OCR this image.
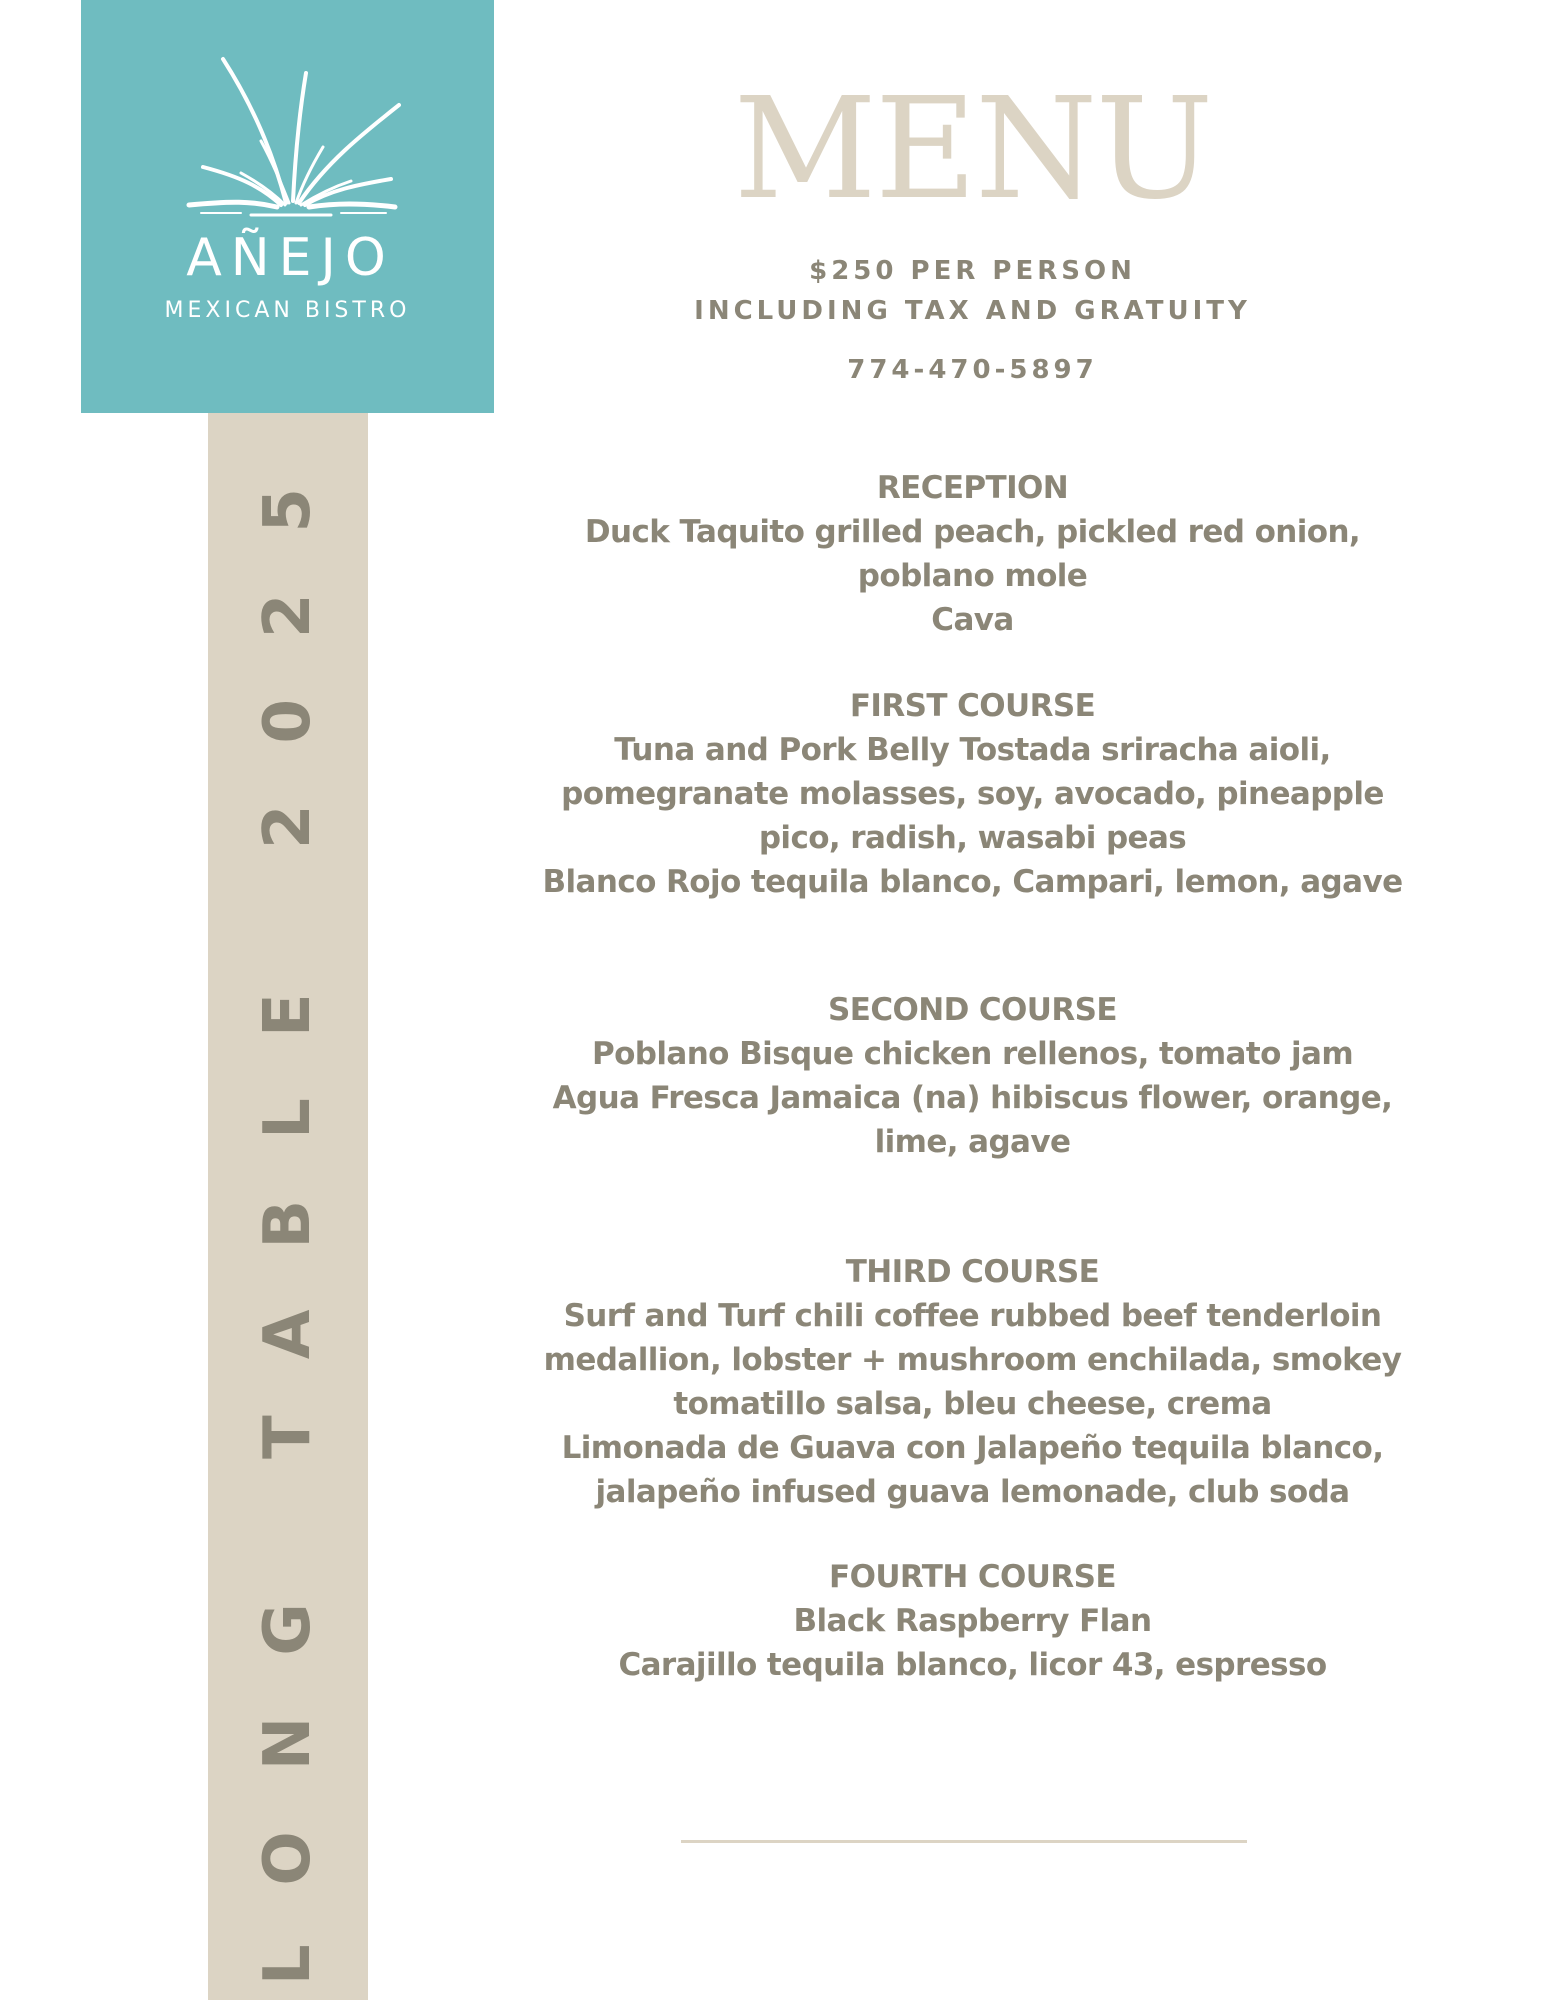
LONG TABLE 2025
AÑEJO
MEXICAN BISTRO
MENU
$250 PER PERSON
INCLUDING TAX AND GRATUITY
774-470-5897
RECEPTION
Duck Taquito grilled peach, pickled red onion,
poblano mole
Cava
FIRST COURSE
Tuna and Pork Belly Tostada sriracha aioli,
pomegranate molasses, soy, avocado, pineapple
pico, radish, wasabi peas
Blanco Rojo tequila blanco, Campari, lemon, agave
SECOND COURSE
Poblano Bisque chicken rellenos, tomato jam
Agua Fresca Jamaica (na) hibiscus flower, orange,
lime, agave
THIRD COURSE
Surf and Turf chili coffee rubbed beef tenderloin
medallion, lobster + mushroom enchilada, smokey
tomatillo salsa, bleu cheese, crema
Limonada de Guava con Jalapeño tequila blanco,
jalapeño infused guava lemonade, club soda
FOURTH COURSE
Black Raspberry Flan
Carajillo tequila blanco, licor 43, espresso
